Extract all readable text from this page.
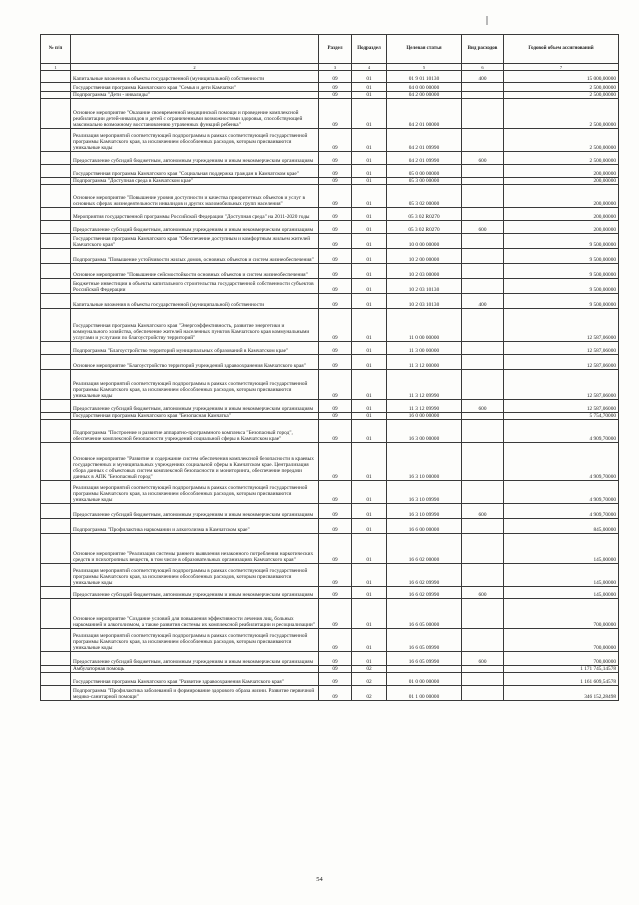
№ п/п		Раздел	Подраздел	Целевая статья	Вид расходов	Годовой объем ассигнований
1	2	3	4	5	6	7
	Капитальные вложения в объекты государственной (муниципальной) собственности	09	01	01 9 01 10130	400	15 000,00000
	Государственная программа Камчатского края "Семья и дети Камчатки"	09	01	04 0 00 00000		2 500,00000
	Подпрограмма "Дети - инвалиды"	09	01	04 2 00 00000		2 500,00000
	Основное мероприятие "Оказание своевременной медицинской помощи и проведение комплексной реабилитации детей-инвалидов и детей с ограниченными возможностями здоровья, способствующей максимально возможному восстановлению утраченных функций ребенка"	09	01	04 2 01 00000		2 500,00000
	Реализация мероприятий соответствующей подпрограммы в рамках соответствующей государственной программы Камчатского края, за исключением обособленных расходов, которым присваиваются уникальные коды	09	01	04 2 01 09990		2 500,00000
	Предоставление субсидий бюджетным, автономным учреждениям и иным некоммерческим организациям	09	01	04 2 01 09990	600	2 500,00000
	Государственная программа Камчатского края "Социальная поддержка граждан в Камчатском крае"	09	01	05 0 00 00000		200,00000
	Подпрограмма "Доступная среда в Камчатском крае"	09	01	05 3 00 00000		200,00000
	Основное мероприятие "Повышение уровня доступности и качества приоритетных объектов и услуг в основных сферах жизнедеятельности инвалидов и других маломобильных групп населения"	09	01	05 3 02 00000		200,00000
	Мероприятия государственной программы Российской Федерации "Доступная среда" на 2011-2020 годы	09	01	05 3 02 R0270		200,00000
	Предоставление субсидий бюджетным, автономным учреждениям и иным некоммерческим организациям	09	01	05 3 02 R0270	600	200,00000
	Государственная программа Камчатского края "Обеспечение доступным и комфортным жильем жителей Камчатского края"	09	01	10 0 00 00000		9 500,00000
	Подпрограмма "Повышение устойчивости жилых домов, основных объектов и систем жизнеобеспечения"	09	01	10 2 00 00000		9 500,00000
	Основное мероприятие "Повышение сейсмостойкости основных объектов и систем жизнеобеспечения"	09	01	10 2 03 00000		9 500,00000
	Бюджетные инвестиции в объекты капитального строительства государственной собственности субъектов Российской Федерации	09	01	10 2 03 10130		9 500,00000
	Капитальные вложения в объекты государственной (муниципальной) собственности	09	01	10 2 03 10130	400	9 500,00000
	Государственная программа Камчатского края "Энергоэффективность, развитие энергетики и коммунального хозяйства, обеспечение жителей населенных пунктов Камчатского края коммунальными услугами и услугами по благоустройству территорий"	09	01	11 0 00 00000		12 587,06000
	Подпрограмма "Благоустройство территорий муниципальных образований в Камчатском крае"	09	01	11 3 00 00000		12 587,06000
	Основное мероприятие "Благоустройство территорий учреждений здравоохранения Камчатского края"	09	01	11 3 12 00000		12 587,06000
	Реализация мероприятий соответствующей подпрограммы в рамках соответствующей государственной программы Камчатского края, за исключением обособленных расходов, которым присваиваются уникальные коды	09	01	11 3 12 09990		12 587,06000
	Предоставление субсидий бюджетным, автономным учреждениям и иным некоммерческим организациям	09	01	11 3 12 09990	600	12 587,06000
	Государственная программа Камчатского края "Безопасная Камчатка"	09	01	16 0 00 00000		5 754,70000
	Подпрограмма "Построение и развитие аппаратно-программного комплекса "Безопасный город", обеспечение комплексной безопасности учреждений социальной сферы в Камчатском крае"	09	01	16 3 00 00000		4 909,70000
	Основное мероприятие "Развитие и содержание систем обеспечения комплексной безопасности в краевых государственных и муниципальных учреждениях социальной сферы в Камчатском крае. Централизация сбора данных с объектовых систем комплексной безопасности и мониторинга, обеспечение передачи данных в АПК "Безопасный город"	09	01	16 3 10 00000		4 909,70000
	Реализация мероприятий соответствующей подпрограммы в рамках соответствующей государственной программы Камчатского края, за исключением обособленных расходов, которым присваиваются уникальные коды	09	01	16 3 10 09990		4 909,70000
	Предоставление субсидий бюджетным, автономным учреждениям и иным некоммерческим организациям	09	01	16 3 10 09990	600	4 909,70000
	Подпрограмма "Профилактика наркомании и алкоголизма в Камчатском крае"	09	01	16 6 00 00000		845,00000
	Основное мероприятие "Реализация системы раннего выявления незаконного потребления наркотических средств и психотропных веществ, в том числе в образовательных организациях Камчатского края"	09	01	16 6 02 00000		145,00000
	Реализация мероприятий соответствующей подпрограммы в рамках соответствующей государственной программы Камчатского края, за исключением обособленных расходов, которым присваиваются уникальные коды	09	01	16 6 02 09990		145,00000
	Предоставление субсидий бюджетным, автономным учреждениям и иным некоммерческим организациям	09	01	16 6 02 09990	600	145,00000
	Основное мероприятие "Создание условий для повышения эффективности лечения лиц, больных наркоманией и алкоголизмом, а также развития системы их комплексной реабилитации и ресоциализации"	09	01	16 6 05 00000		700,00000
	Реализация мероприятий соответствующей подпрограммы в рамках соответствующей государственной программы Камчатского края, за исключением обособленных расходов, которым присваиваются уникальные коды	09	01	16 6 05 09990		700,00000
	Предоставление субсидий бюджетным, автономным учреждениям и иным некоммерческим организациям	09	01	16 6 05 09990	600	700,00000
	Амбулаторная помощь	09	02			1 171 745,14578
	Государственная программа Камчатского края "Развитие здравоохранения Камчатского края"	09	02	01 0 00 00000		1 161 609,54578
	Подпрограмма "Профилактика заболеваний и формирование здорового образа жизни. Развитие первичной медико-санитарной помощи"	09	02	01 1 00 00000		346 152,28498
54
